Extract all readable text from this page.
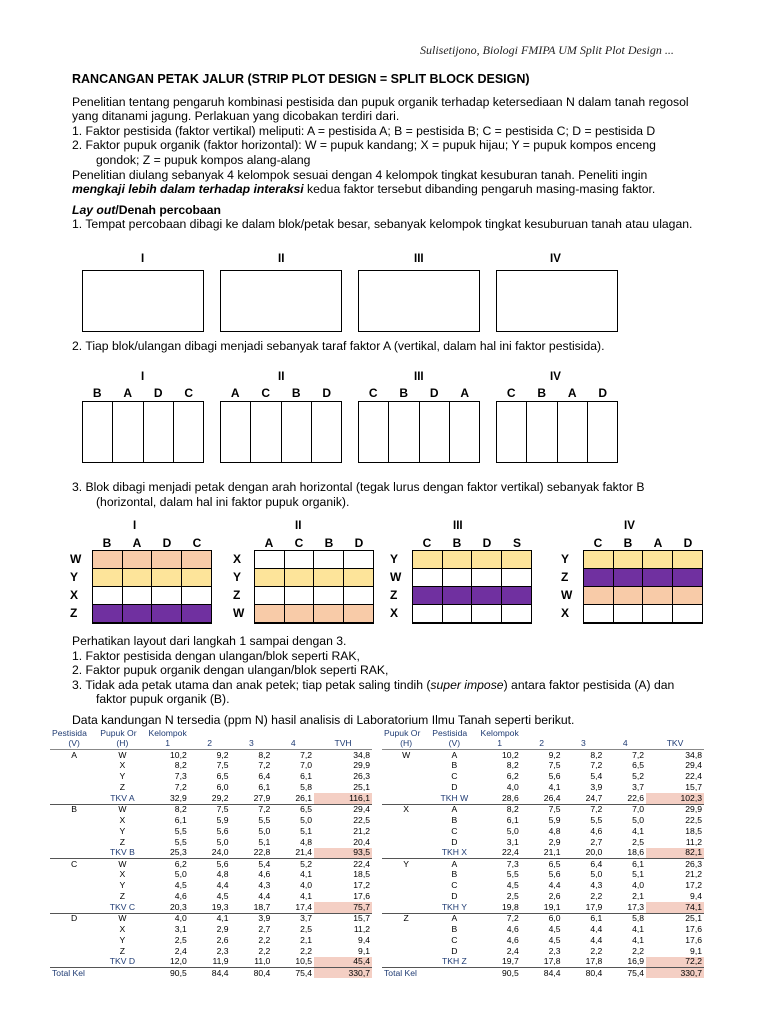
Sulisetijono, Biologi FMIPA UM Split Plot Design ...
RANCANGAN PETAK JALUR (STRIP PLOT DESIGN = SPLIT BLOCK DESIGN)

Penelitian tentang pengaruh kombinasi pestisida dan pupuk organik terhadap ketersediaan N dalam tanah regosol yang ditanami jagung. Perlakuan yang dicobakan terdiri dari.

1. Faktor pestisida (faktor vertikal) meliputi: A = pestisida A; B = pestisida B; C = pestisida C; D = pestisida D

2. Faktor pupuk organik (faktor horizontal): W = pupuk kandang; X = pupuk hijau; Y = pupuk kompos enceng gondok; Z = pupuk kompos alang-alang

Penelitian diulang sebanyak 4 kelompok sesuai dengan 4 kelompok tingkat kesuburan tanah. Peneliti ingin mengkaji lebih dalam terhadap interaksi kedua faktor tersebut dibanding pengaruh masing-masing faktor.

Lay out/Denah percobaan

1. Tempat percobaan dibagi ke dalam blok/petak besar, sebanyak kelompok tingkat kesuburuan tanah atau ulagan.

I	II	III	IV

2. Tiap blok/ulangan dibagi menjadi sebanyak taraf faktor A (vertikal, dalam hal ini faktor pestisida).

I
B	A	D	C
II
A	C	B	D
III
C	B	D	A
IV
C	B	A	D

3. Blok dibagi menjadi petak dengan arah horizontal (tegak lurus dengan faktor vertikal) sebanyak faktor B (horizontal, dalam hal ini faktor pupuk organik).

I
B	A	D	C
W
Y
X
Z
II
A	C	B	D
X
Y
Z
W
III
C	B	D	S
Y
W
Z
X
IV
C	B	A	D
Y
Z
W
X

Perhatikan layout dari langkah 1 sampai dengan 3.

1. Faktor pestisida dengan ulangan/blok seperti RAK,

2. Faktor pupuk organik dengan ulangan/blok seperti RAK,

3. Tidak ada petak utama dan anak petek; tiap petak saling tindih (super impose) antara faktor pestisida (A) dan faktor pupuk organik (B).

Data kandungan N tersedia (ppm N) hasil analisis di Laboratorium Ilmu Tanah seperti berikut.

Pestisida	Pupuk Or	Kelompok				
(V)	(H)	1	2	3	4	TVH
A	W	10,2	9,2	8,2	7,2	34,8
	X	8,2	7,5	7,2	7,0	29,9
	Y	7,3	6,5	6,4	6,1	26,3
	Z	7,2	6,0	6,1	5,8	25,1
	TKV A	32,9	29,2	27,9	26,1	116,1
B	W	8,2	7,5	7,2	6,5	29,4
	X	6,1	5,9	5,5	5,0	22,5
	Y	5,5	5,6	5,0	5,1	21,2
	Z	5,5	5,0	5,1	4,8	20,4
	TKV B	25,3	24,0	22,8	21,4	93,5
C	W	6,2	5,6	5,4	5,2	22,4
	X	5,0	4,8	4,6	4,1	18,5
	Y	4,5	4,4	4,3	4,0	17,2
	Z	4,6	4,5	4,4	4,1	17,6
	TKV C	20,3	19,3	18,7	17,4	75,7
D	W	4,0	4,1	3,9	3,7	15,7
	X	3,1	2,9	2,7	2,5	11,2
	Y	2,5	2,6	2,2	2,1	9,4
	Z	2,4	2,3	2,2	2,2	9,1
	TKV D	12,0	11,9	11,0	10,5	45,4
Total Kel		90,5	84,4	80,4	75,4	330,7
Pupuk Or	Pestisida	Kelompok				
(H)	(V)	1	2	3	4	TKV
W	A	10,2	9,2	8,2	7,2	34,8
	B	8,2	7,5	7,2	6,5	29,4
	C	6,2	5,6	5,4	5,2	22,4
	D	4,0	4,1	3,9	3,7	15,7
	TKH W	28,6	26,4	24,7	22,6	102,3
X	A	8,2	7,5	7,2	7,0	29,9
	B	6,1	5,9	5,5	5,0	22,5
	C	5,0	4,8	4,6	4,1	18,5
	D	3,1	2,9	2,7	2,5	11,2
	TKH X	22,4	21,1	20,0	18,6	82,1
Y	A	7,3	6,5	6,4	6,1	26,3
	B	5,5	5,6	5,0	5,1	21,2
	C	4,5	4,4	4,3	4,0	17,2
	D	2,5	2,6	2,2	2,1	9,4
	TKH Y	19,8	19,1	17,9	17,3	74,1
Z	A	7,2	6,0	6,1	5,8	25,1
	B	4,6	4,5	4,4	4,1	17,6
	C	4,6	4,5	4,4	4,1	17,6
	D	2,4	2,3	2,2	2,2	9,1
	TKH Z	19,7	17,8	17,8	16,9	72,2
Total Kel		90,5	84,4	80,4	75,4	330,7
